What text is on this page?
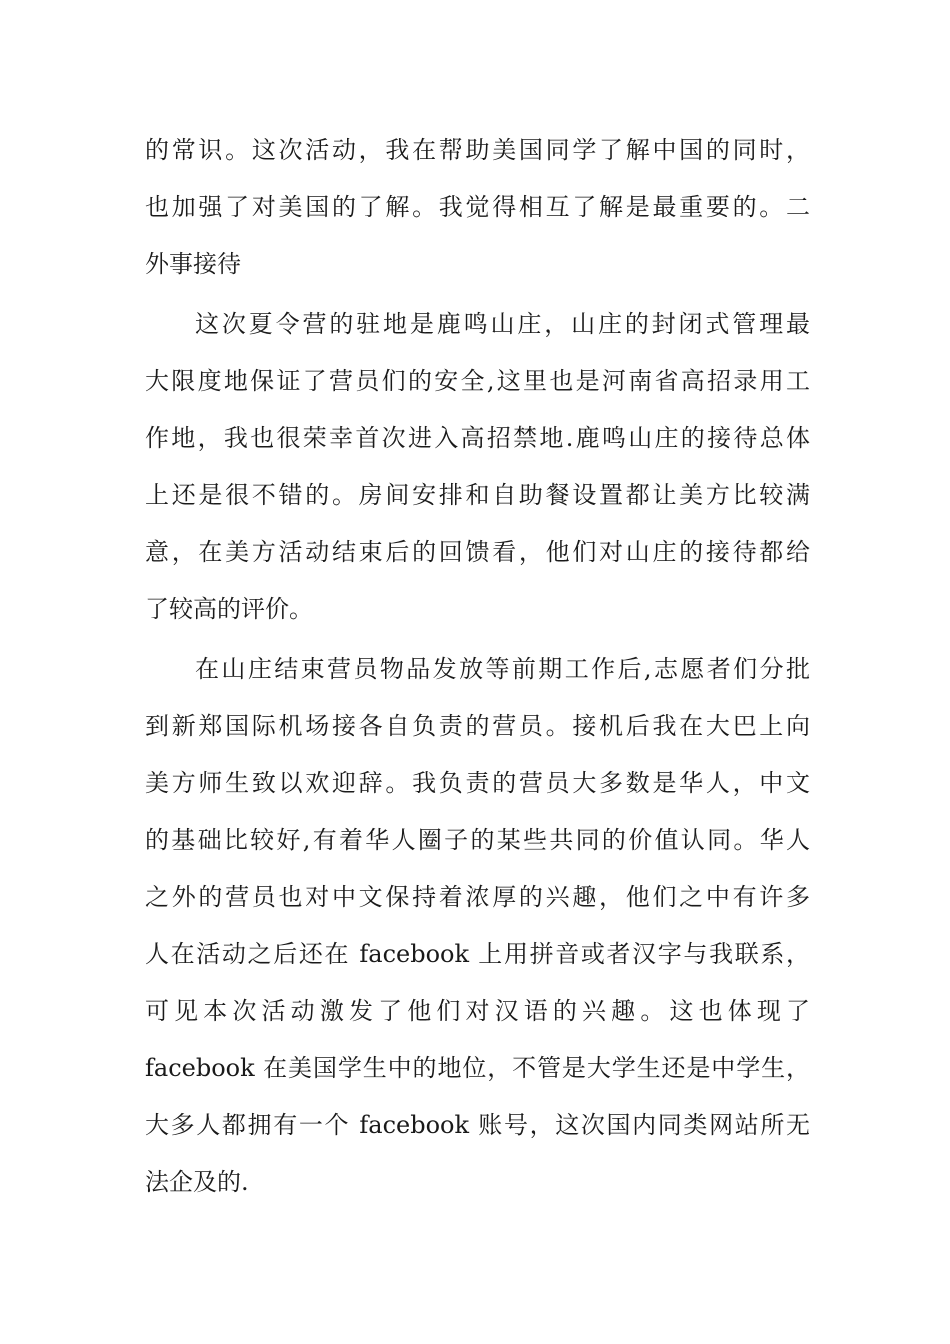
的常识。这次活动，我在帮助美国同学了解中国的同时，
也加强了对美国的了解。我觉得相互了解是最重要的。二
外事接待
这次夏令营的驻地是鹿鸣山庄，山庄的封闭式管理最
大限度地保证了营员们的安全,这里也是河南省高招录用工
作地，我也很荣幸首次进入高招禁地.鹿鸣山庄的接待总体
上还是很不错的。房间安排和自助餐设置都让美方比较满
意，在美方活动结束后的回馈看，他们对山庄的接待都给
了较高的评价。
在山庄结束营员物品发放等前期工作后,志愿者们分批
到新郑国际机场接各自负责的营员。接机后我在大巴上向
美方师生致以欢迎辞。我负责的营员大多数是华人，中文
的基础比较好,有着华人圈子的某些共同的价值认同。华人
之外的营员也对中文保持着浓厚的兴趣，他们之中有许多
人在活动之后还在 facebook 上用拼音或者汉字与我联系，
可见本次活动激发了他们对汉语的兴趣。这也体现了
facebook 在美国学生中的地位，不管是大学生还是中学生，
大多人都拥有一个 facebook 账号，这次国内同类网站所无
法企及的.
